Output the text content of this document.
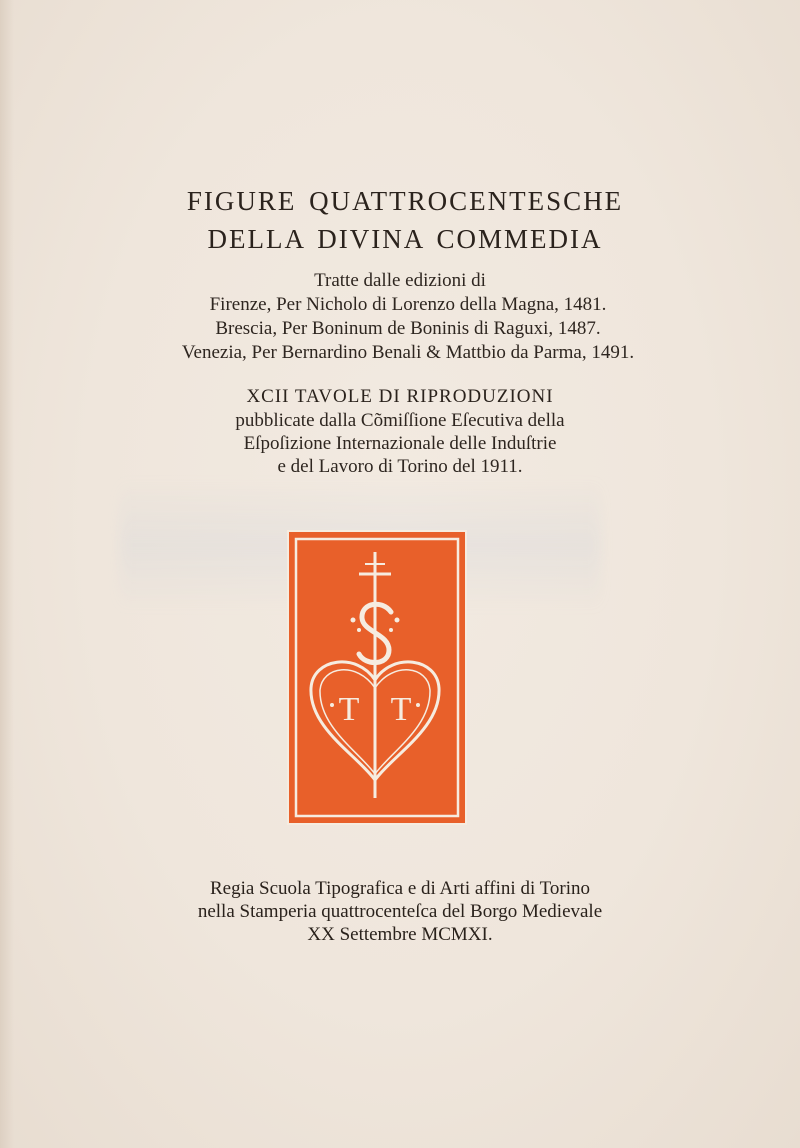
FIGURE QUATTROCENTESCHE
DELLA DIVINA COMMEDIA
Tratte dalle edizioni di
Firenze, Per Nicholo di Lorenzo della Magna, 1481.
Brescia, Per Boninum de Boninis di Raguxi, 1487.
Venezia, Per Bernardino Benali & Mattbio da Parma, 1491.
XCII TAVOLE DI RIPRODUZIONI
pubblicate dalla Cõmiſſione Eſecutiva della
Eſpoſizione Internazionale delle Induſtrie
e del Lavoro di Torino del 1911.
T T
Regia Scuola Tipografica e di Arti affini di Torino
nella Stamperia quattrocenteſca del Borgo Medievale
XX Settembre MCMXI.
